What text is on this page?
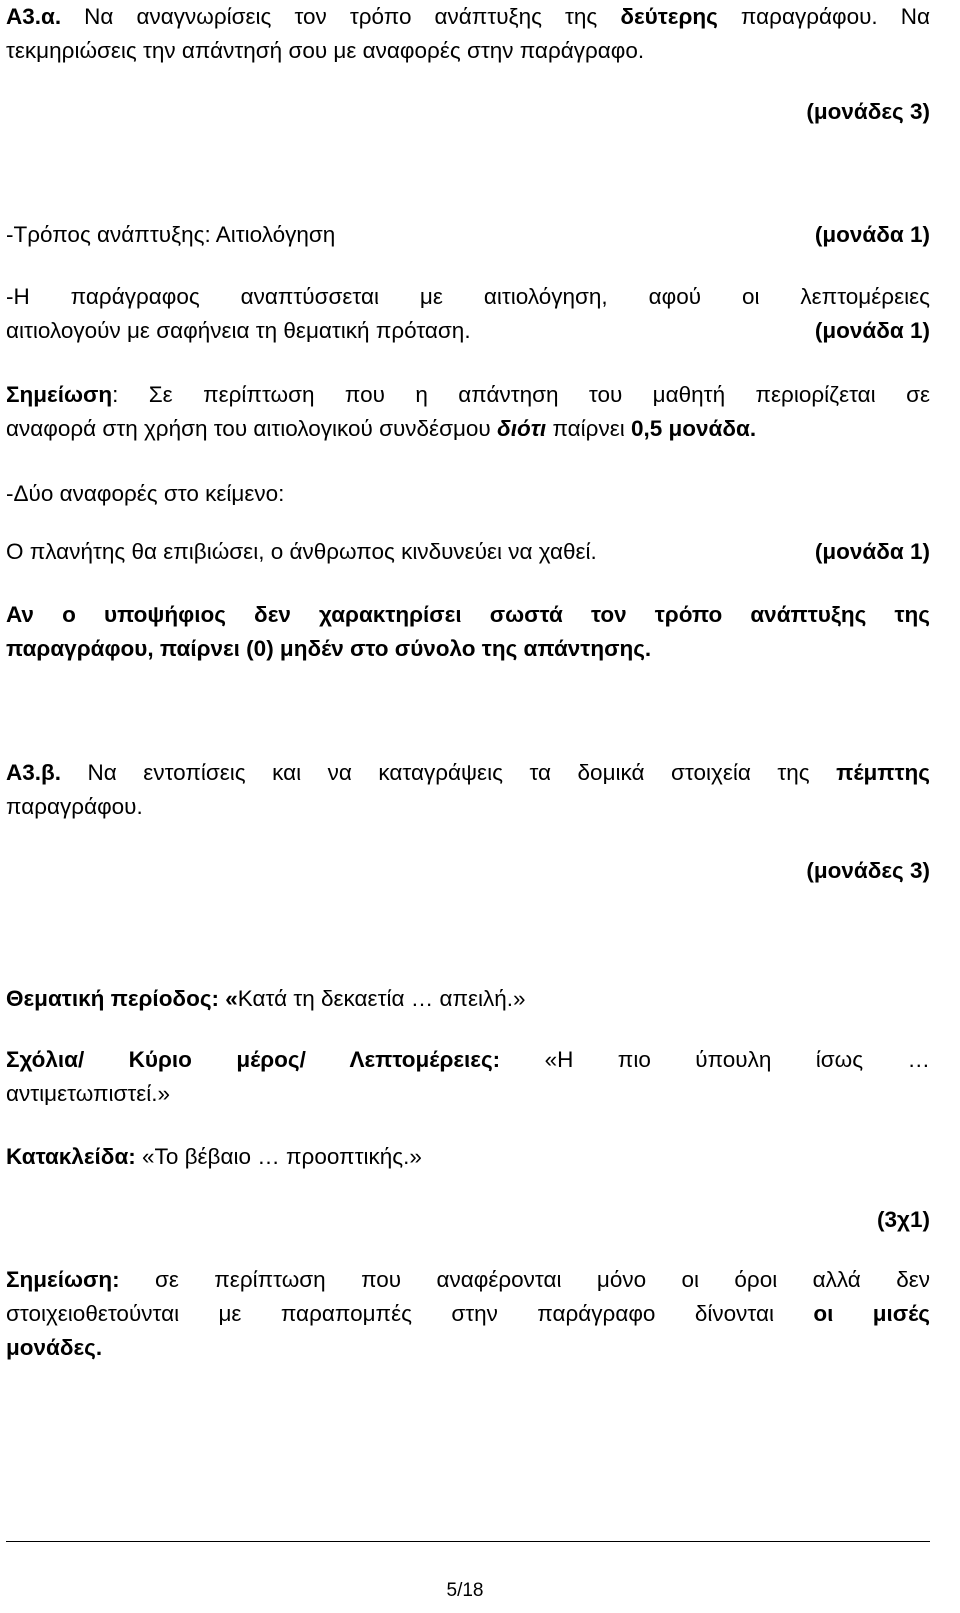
Α3.α. Να αναγνωρίσεις τον τρόπο ανάπτυξης της δεύτερης παραγράφου. Να
τεκμηριώσεις την απάντησή σου με αναφορές στην παράγραφο.
(μονάδες 3)
-Τρόπος ανάπτυξης: Αιτιολόγηση	(μονάδα 1)
-Η παράγραφος αναπτύσσεται με αιτιολόγηση, αφού οι λεπτομέρειες
αιτιολογούν με σαφήνεια τη θεματική πρόταση.	(μονάδα 1)
Σημείωση: Σε περίπτωση που η απάντηση του μαθητή περιορίζεται σε
αναφορά στη χρήση του αιτιολογικού συνδέσμου διότι παίρνει 0,5 μονάδα.
-Δύο αναφορές στο κείμενο:
Ο πλανήτης θα επιβιώσει, ο άνθρωπος κινδυνεύει να χαθεί.	(μονάδα 1)
Αν ο υποψήφιος δεν χαρακτηρίσει σωστά τον τρόπο ανάπτυξης της
παραγράφου, παίρνει (0) μηδέν στο σύνολο της απάντησης.
Α3.β. Να εντοπίσεις και να καταγράψεις τα δομικά στοιχεία της πέμπτης
παραγράφου.
(μονάδες 3)
Θεματική περίοδος: «Κατά τη δεκαετία … απειλή.»
Σχόλια/ Κύριο μέρος/ Λεπτομέρειες: «Η πιο ύπουλη ίσως …
αντιμετωπιστεί.»
Κατακλείδα: «Το βέβαιο … προοπτικής.»
(3χ1)
Σημείωση: σε περίπτωση που αναφέρονται μόνο οι όροι αλλά δεν
στοιχειοθετούνται με παραπομπές στην παράγραφο δίνονται οι μισές
μονάδες.
5/18
